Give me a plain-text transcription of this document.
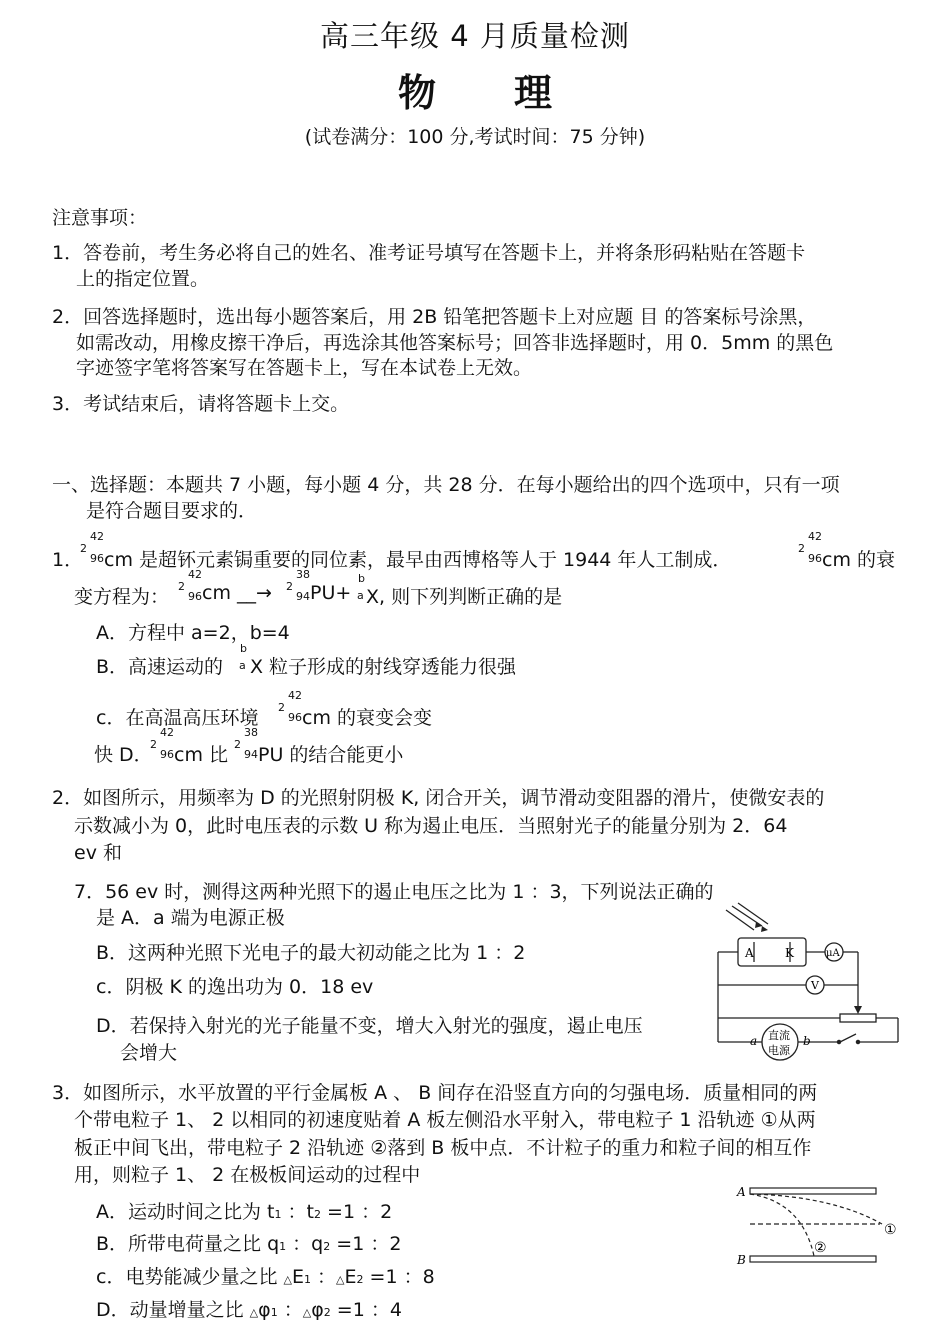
高三年级 4 月质量检测
物理
(试卷满分：100 分,考试时间：75 分钟)
注意事项：
1．答卷前，考生务必将自己的姓名、准考证号填写在答题卡上，并将条形码粘贴在答题卡
上的指定位置。
2．回答选择题时，选出每小题答案后，用 2B 铅笔把答题卡上对应题 目 的答案标号涂黑，
如需改动，用橡皮擦干净后，再选涂其他答案标号；回答非选择题时，用 0．5mm 的黑色
字迹签字笔将答案写在答题卡上，写在本试卷上无效。
3．考试结束后，请将答题卡上交。
一、选择题：本题共 7 小题，每小题 4 分，共 28 分．在每小题给出的四个选项中，只有一项
是符合题目要求的．
1．
42
2
96 cm 是超钚元素锔重要的同位素，最早由西博格等人于 1944 年人工制成．
42
2
96 cm 的衰
变方程为：
42
2
96 cm __→
38
2
94 PU+
b
a X, 则下列判断正确的是
A．方程中 a=2，b=4
B．高速运动的
b
a X 粒子形成的射线穿透能力很强
c．在高温高压环境
42
2
96 cm 的衰变会变
快 D．
42
2
96 cm 比
38
2
94 PU 的结合能更小
2．如图所示，用频率为 D 的光照射阴极 K, 闭合开关，调节滑动变阻器的滑片，使微安表的
示数减小为 0，此时电压表的示数 U 称为遏止电压．当照射光子的能量分别为 2．64
ev 和
7．56 ev 时，测得这两种光照下的遏止电压之比为 1 ：3，下列说法正确的
是 A．a 端为电源正极
B．这两种光照下光电子的最大初动能之比为 1 ：2
c．阴极 K 的逸出功为 0．18 ev
D．若保持入射光的光子能量不变，增大入射光的强度，遏止电压
会增大
A	K	μA
V
a	b
直流
电源
3．如图所示，水平放置的平行金属板 A 、 B 间存在沿竖直方向的匀强电场．质量相同的两
个带电粒子 1、 2 以相同的初速度贴着 A 板左侧沿水平射入，带电粒子 1 沿轨迹 ①从两
板正中间飞出，带电粒子 2 沿轨迹 ②落到 B 板中点．不计粒子的重力和粒子间的相互作
用，则粒子 1、 2 在极板间运动的过程中
A．运动时间之比为 t1 ：t2 =1 ：2
B．所带电荷量之比 q1 ：q2 =1 ：2
c．电势能减少量之比 △E1 ：△E2 =1 ：8
D．动量增量之比 △φ1 ：△φ2 =1 ：4
A
B
①
②
